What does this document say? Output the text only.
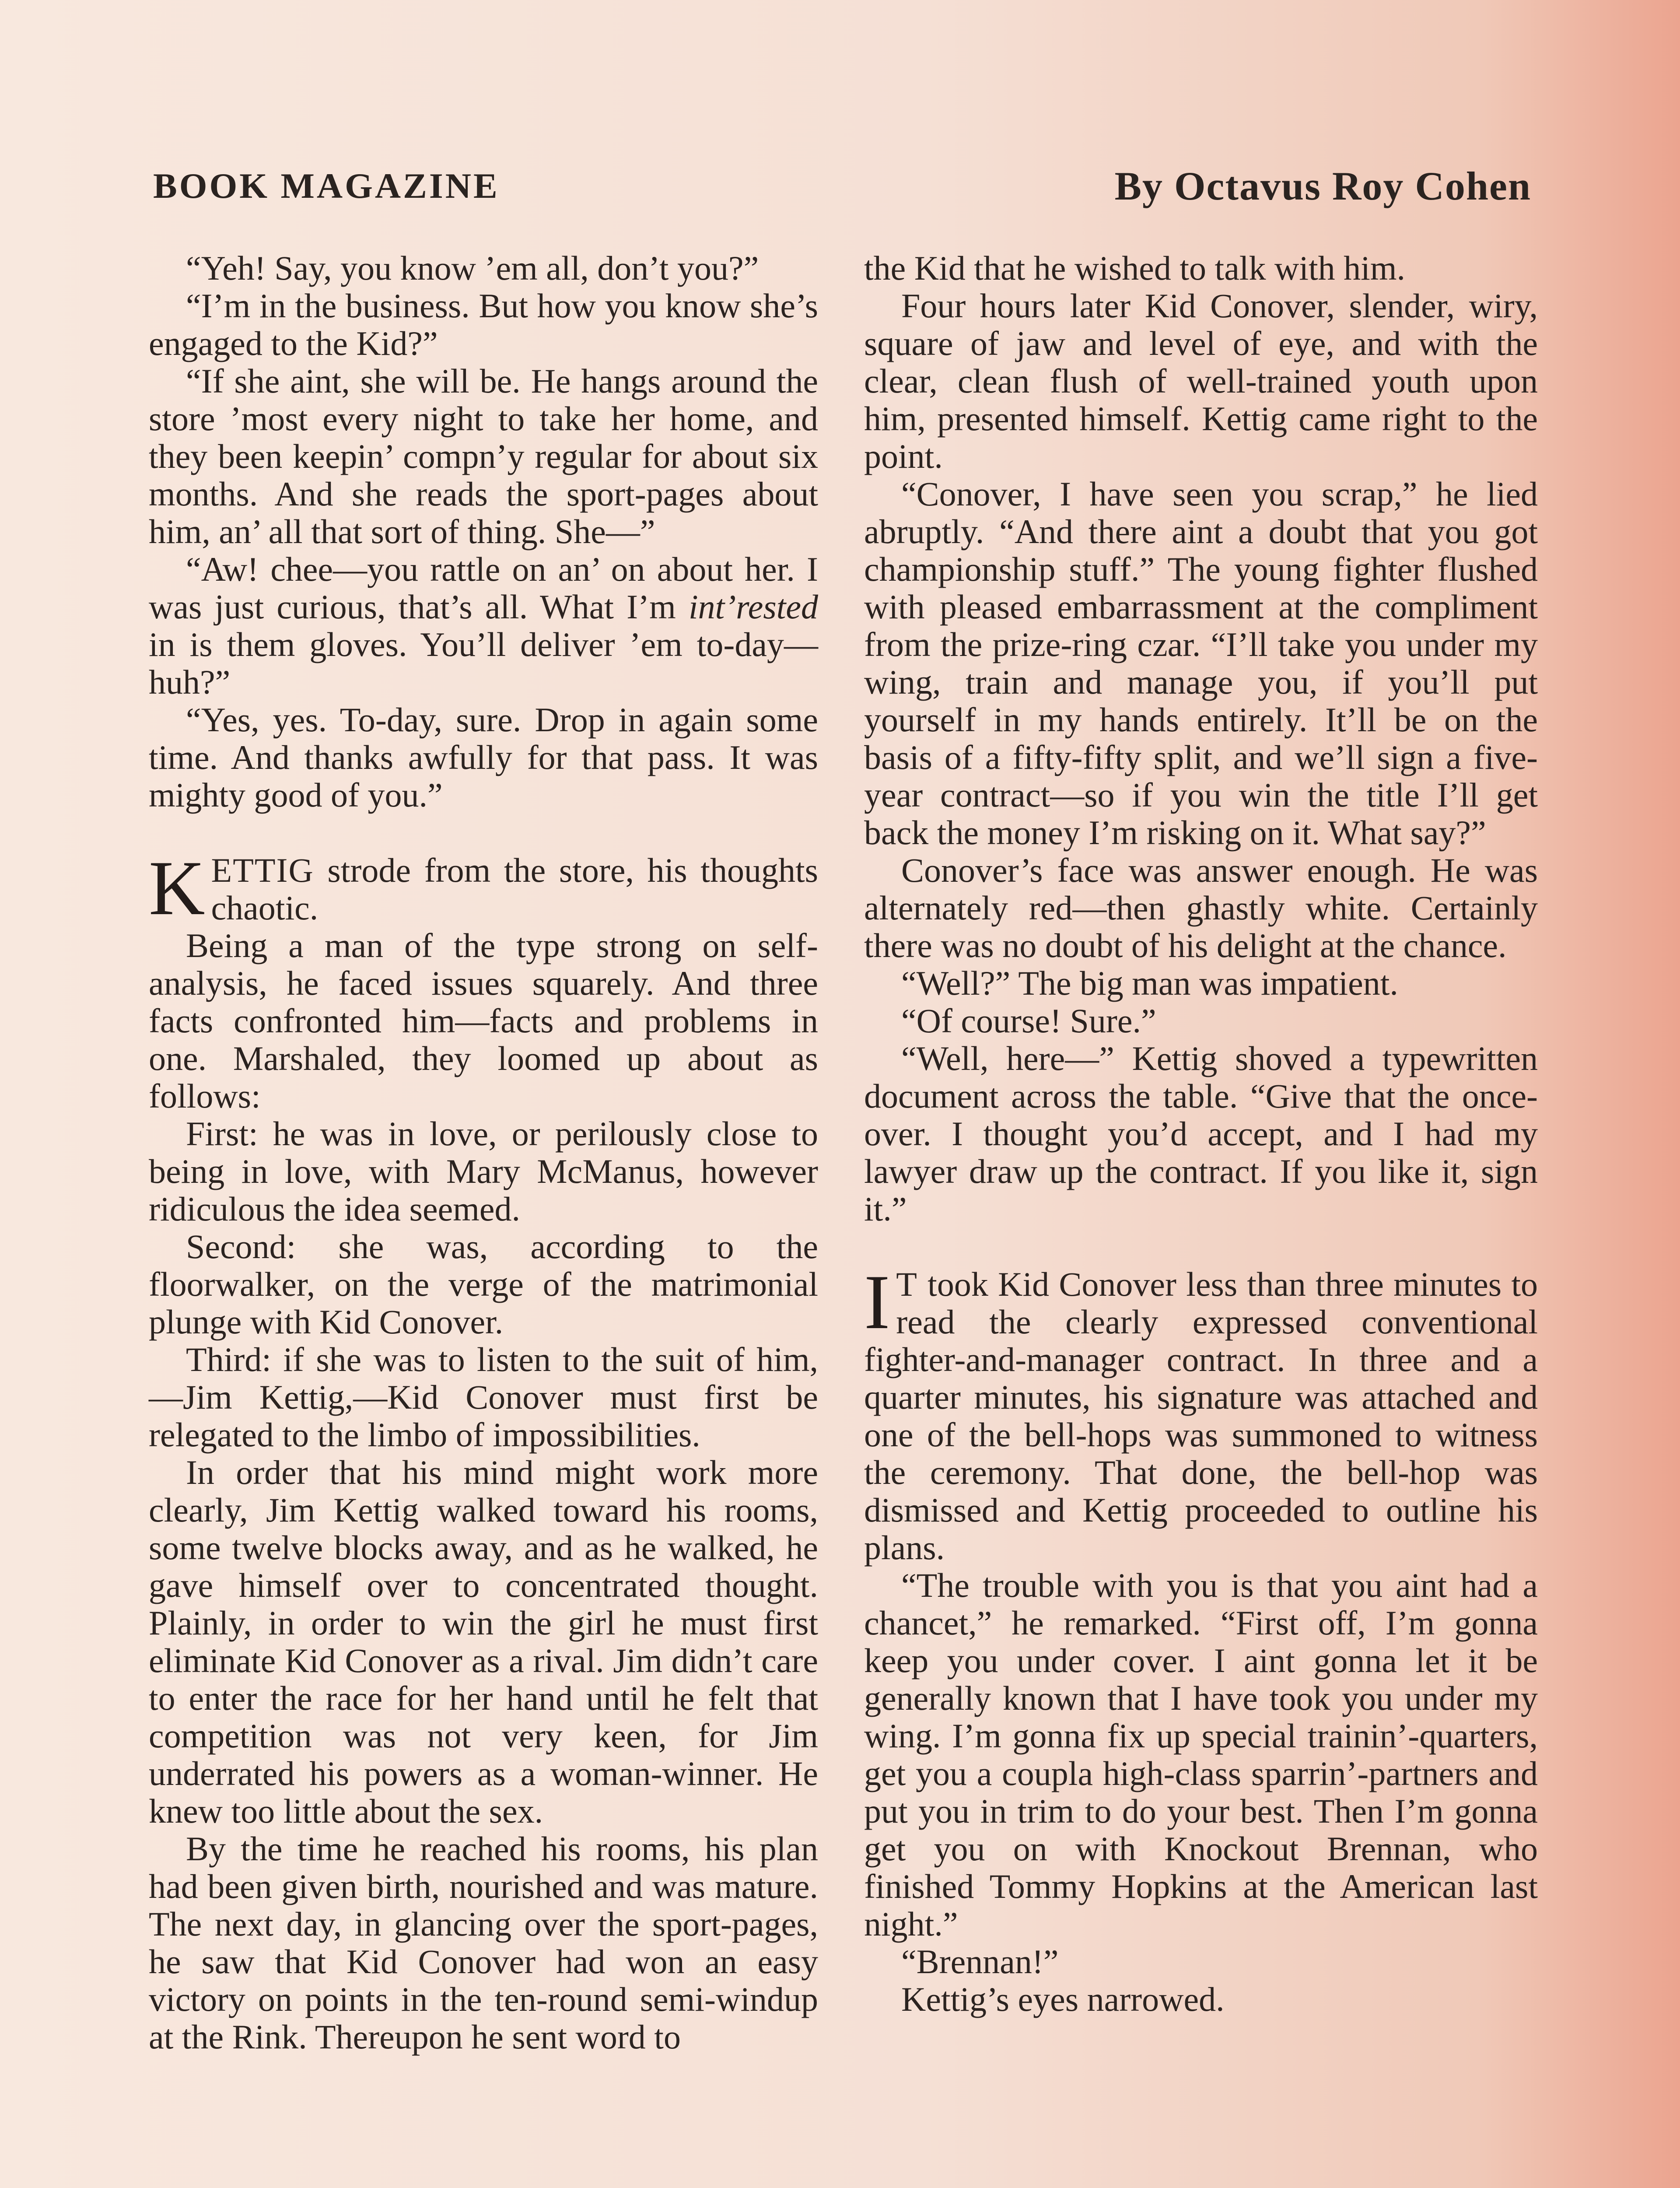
BOOK MAGAZINE	By Octavus Roy Cohen

“Yeh! Say, you know ’em all, don’t you?”

“I’m in the business. But how you know she’s engaged to the Kid?”

“If she aint, she will be. He hangs around the store ’most every night to take her home, and they been keepin’ compn’y regular for about six months. And she reads the sport-pages about him, an’ all that sort of thing. She—”

“Aw! chee—you rattle on an’ on about her. I was just curious, that’s all. What I’m int’rested in is them gloves. You’ll deliver ’em to-day—huh?”

“Yes, yes. To-day, sure. Drop in again some time. And thanks awfully for that pass. It was mighty good of you.”

KETTIG strode from the store, his thoughts chaotic.

Being a man of the type strong on self-analysis, he faced issues squarely. And three facts confronted him—facts and problems in one. Marshaled, they loomed up about as follows:

First: he was in love, or perilously close to being in love, with Mary McManus, however ridiculous the idea seemed.

Second: she was, according to the floorwalker, on the verge of the matrimonial plunge with Kid Conover.

Third: if she was to listen to the suit of him,—Jim Kettig,—Kid Conover must first be relegated to the limbo of impossibilities.

In order that his mind might work more clearly, Jim Kettig walked toward his rooms, some twelve blocks away, and as he walked, he gave himself over to concentrated thought. Plainly, in order to win the girl he must first eliminate Kid Conover as a rival. Jim didn’t care to enter the race for her hand until he felt that competition was not very keen, for Jim underrated his powers as a woman-winner. He knew too little about the sex.

By the time he reached his rooms, his plan had been given birth, nourished and was mature. The next day, in glancing over the sport-pages, he saw that Kid Conover had won an easy victory on points in the ten-round semi-windup at the Rink. Thereupon he sent word to

the Kid that he wished to talk with him.

Four hours later Kid Conover, slender, wiry, square of jaw and level of eye, and with the clear, clean flush of well-trained youth upon him, presented himself. Kettig came right to the point.

“Conover, I have seen you scrap,” he lied abruptly. “And there aint a doubt that you got championship stuff.” The young fighter flushed with pleased embarrassment at the compliment from the prize-ring czar. “I’ll take you under my wing, train and manage you, if you’ll put yourself in my hands entirely. It’ll be on the basis of a fifty-fifty split, and we’ll sign a five-year contract—so if you win the title I’ll get back the money I’m risking on it. What say?”

Conover’s face was answer enough. He was alternately red—then ghastly white. Certainly there was no doubt of his delight at the chance.

“Well?” The big man was impatient.

“Of course! Sure.”

“Well, here—” Kettig shoved a typewritten document across the table. “Give that the once-over. I thought you’d accept, and I had my lawyer draw up the contract. If you like it, sign it.”

I T took Kid Conover less than three minutes to read the clearly expressed conventional fighter-and-manager contract. In three and a quarter minutes, his signature was attached and one of the bell-hops was summoned to witness the ceremony. That done, the bell-hop was dismissed and Kettig proceeded to outline his plans.

“The trouble with you is that you aint had a chancet,” he remarked. “First off, I’m gonna keep you under cover. I aint gonna let it be generally known that I have took you under my wing. I’m gonna fix up special trainin’-quarters, get you a coupla high-class sparrin’-partners and put you in trim to do your best. Then I’m gonna get you on with Knockout Brennan, who finished Tommy Hopkins at the American last night.”

“Brennan!”

Kettig’s eyes narrowed.
